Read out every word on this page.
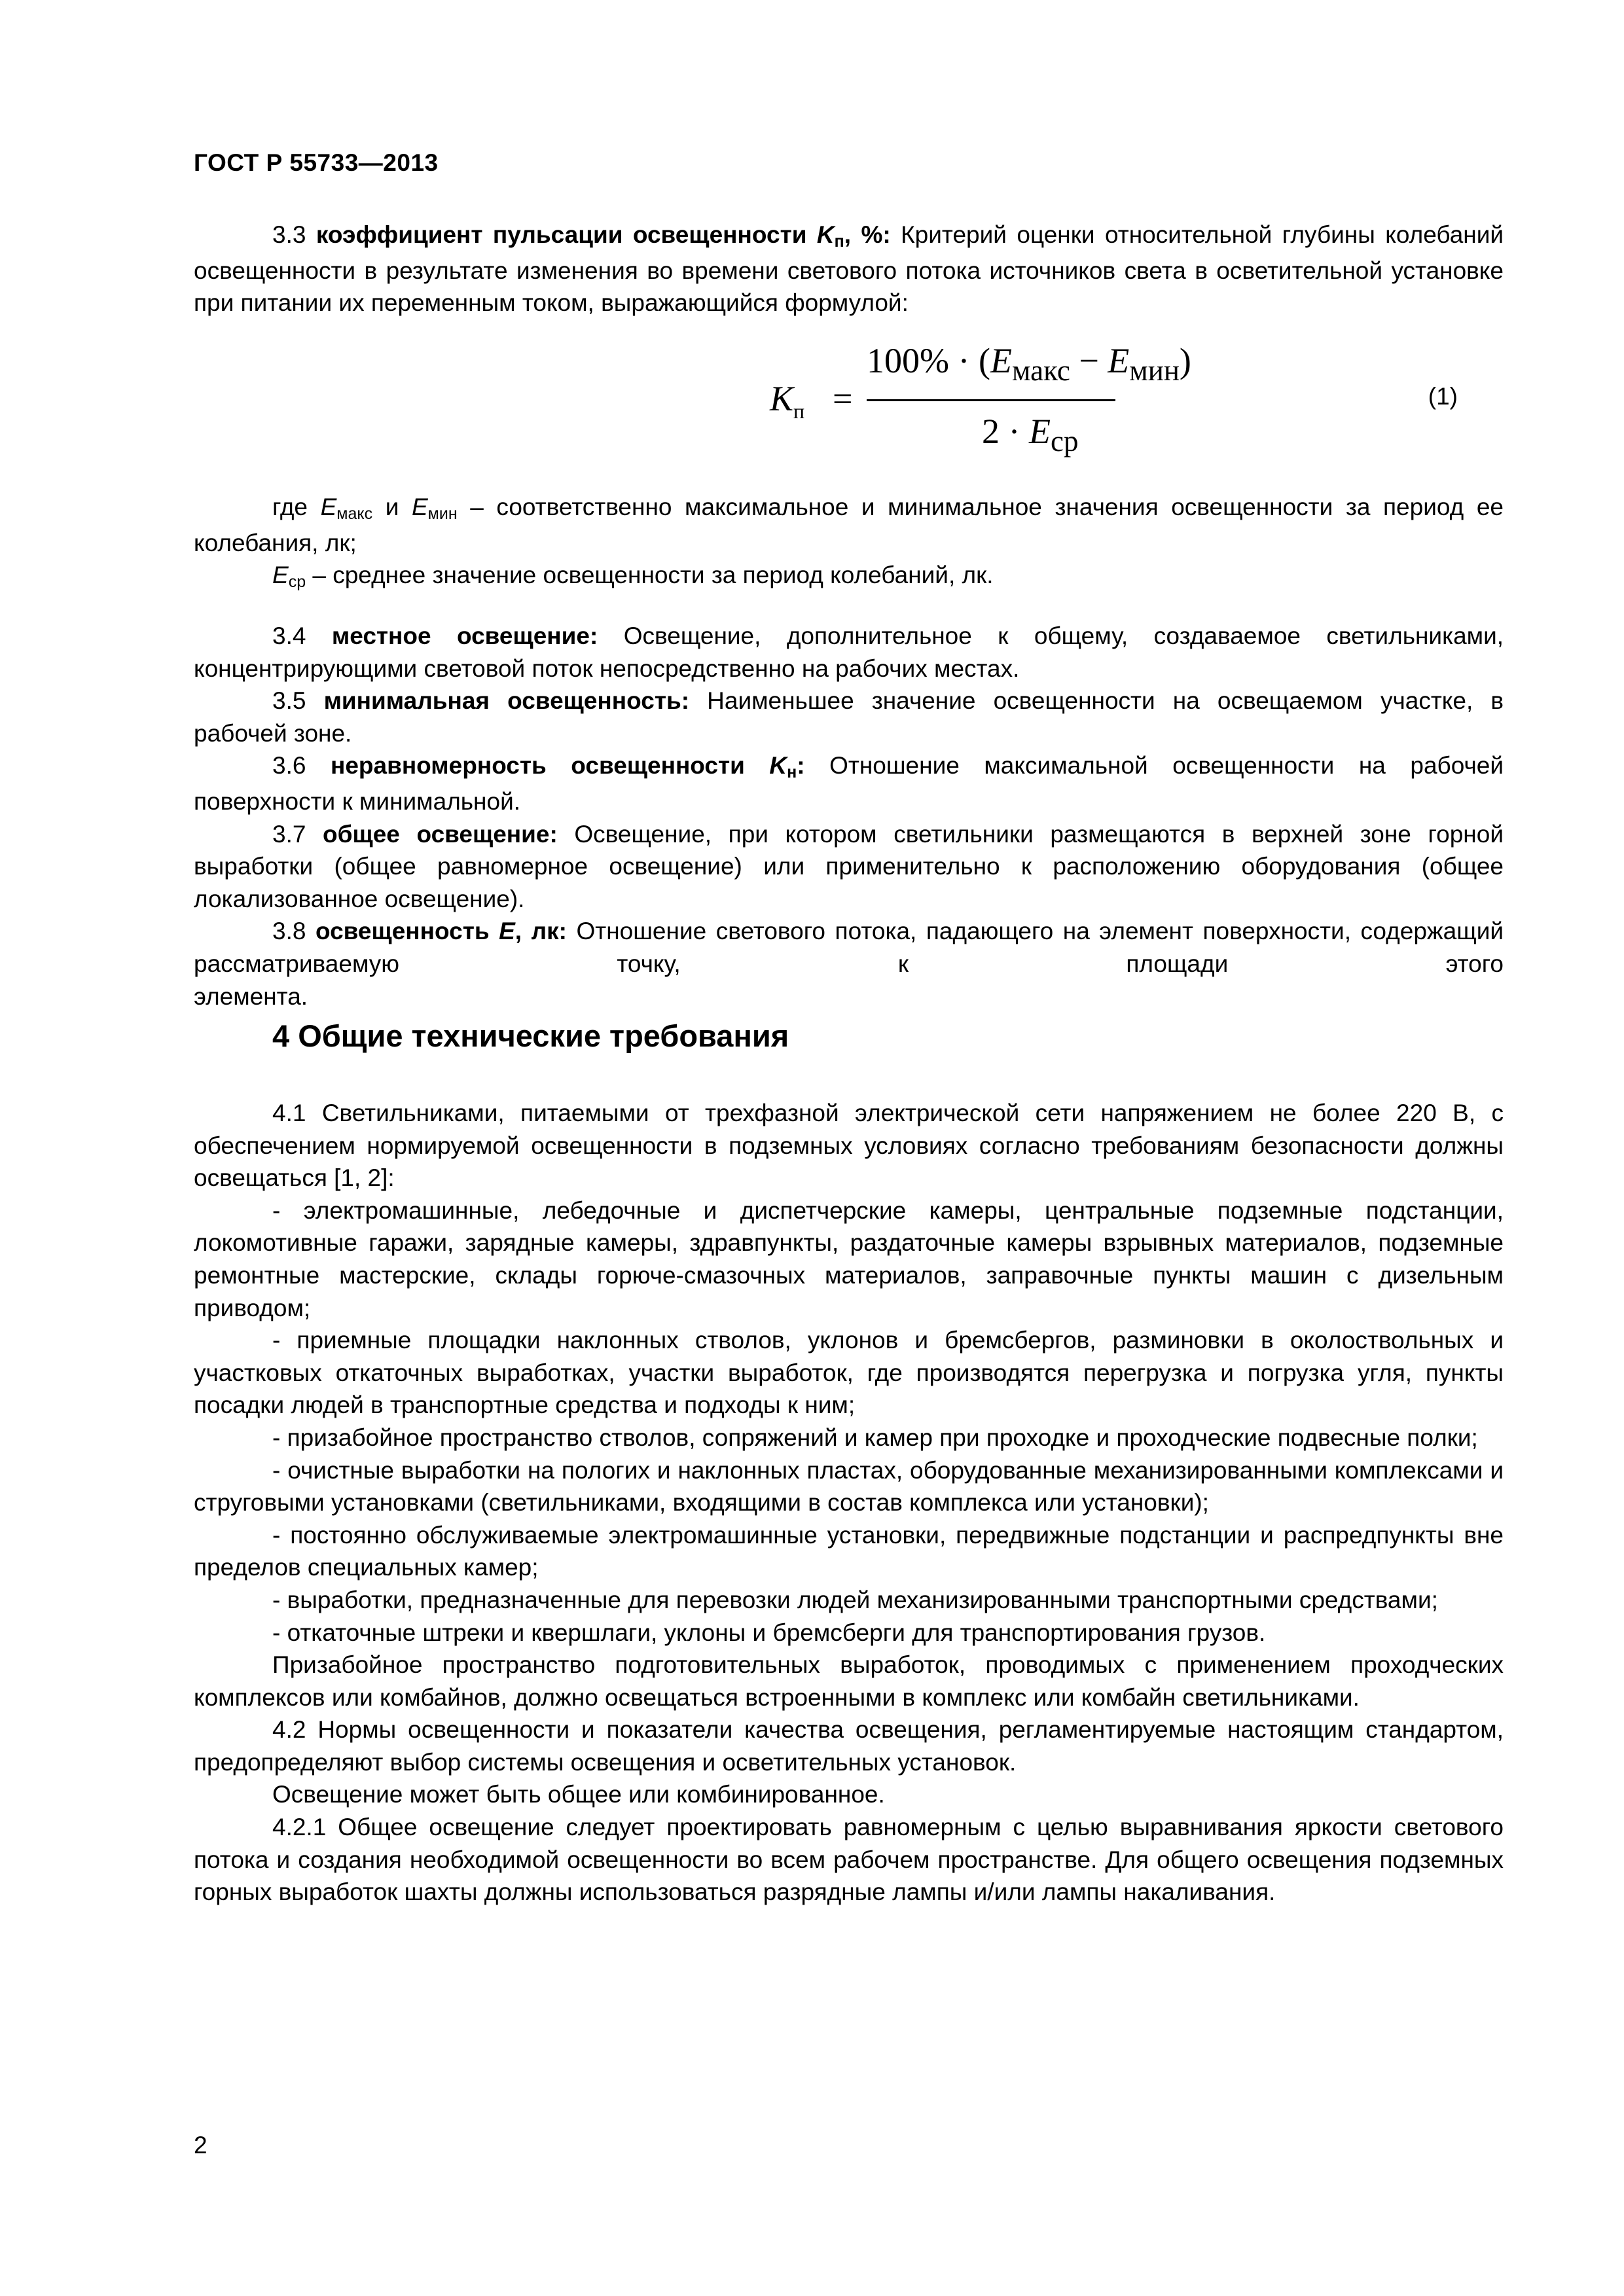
ГОСТ Р 55733—2013

3.3 коэффициент пульсации освещенности $K_п$, %: Критерий оценки относительной глубины колебаний освещенности в результате изменения во времени светового потока источников света в осветительной установке при питании их переменным током, выражающийся формулой:

$K_п$ =
$100\% \cdot (E_{макс} - E_{мин})$
$2 \cdot E_{ср}$
(1)

где $E_{макс}$ и $E_{мин}$ – соответственно максимальное и минимальное значения освещенности за период ее колебания, лк;

$E_{ср}$ – среднее значение освещенности за период колебаний, лк.

3.4 местное освещение: Освещение, дополнительное к общему, создаваемое светильниками, концентрирующими световой поток непосредственно на рабочих местах.

3.5 минимальная освещенность: Наименьшее значение освещенности на освещаемом участке, в рабочей зоне.

3.6 неравномерность освещенности $K_н$: Отношение максимальной освещенности на рабочей поверхности к минимальной.

3.7 общее освещение: Освещение, при котором светильники размещаются в верхней зоне горной выработки (общее равномерное освещение) или применительно к расположению оборудования (общее локализованное освещение).

3.8 освещенность E, лк: Отношение светового потока, падающего на элемент поверхности, содержащий рассматриваемую точку, к площади этого

элемента.

4 Общие технические требования

4.1 Светильниками, питаемыми от трехфазной электрической сети напряжением не более 220 В, с обеспечением нормируемой освещенности в подземных условиях согласно требованиям безопасности должны освещаться [1, 2]:

- электромашинные, лебедочные и диспетчерские камеры, центральные подземные подстанции, локомотивные гаражи, зарядные камеры, здравпункты, раздаточные камеры взрывных материалов, подземные ремонтные мастерские, склады горюче-смазочных материалов, заправочные пункты машин с дизельным приводом;

- приемные площадки наклонных стволов, уклонов и бремсбергов, разминовки в околоствольных и участковых откаточных выработках, участки выработок, где производятся перегрузка и погрузка угля, пункты посадки людей в транспортные средства и подходы к ним;

- призабойное пространство стволов, сопряжений и камер при проходке и проходческие подвесные полки;

- очистные выработки на пологих и наклонных пластах, оборудованные механизированными комплексами и струговыми установками (светильниками, входящими в состав комплекса или установки);

- постоянно обслуживаемые электромашинные установки, передвижные подстанции и распредпункты вне пределов специальных камер;

- выработки, предназначенные для перевозки людей механизированными транспортными средствами;

- откаточные штреки и квершлаги, уклоны и бремсберги для транспортирования грузов.

Призабойное пространство подготовительных выработок, проводимых с применением проходческих комплексов или комбайнов, должно освещаться встроенными в комплекс или комбайн светильниками.

4.2 Нормы освещенности и показатели качества освещения, регламентируемые настоящим стандартом, предопределяют выбор системы освещения и осветительных установок.

Освещение может быть общее или комбинированное.

4.2.1 Общее освещение следует проектировать равномерным с целью выравнивания яркости светового потока и создания необходимой освещенности во всем рабочем пространстве. Для общего освещения подземных горных выработок шахты должны использоваться разрядные лампы и/или лампы накаливания.

2
